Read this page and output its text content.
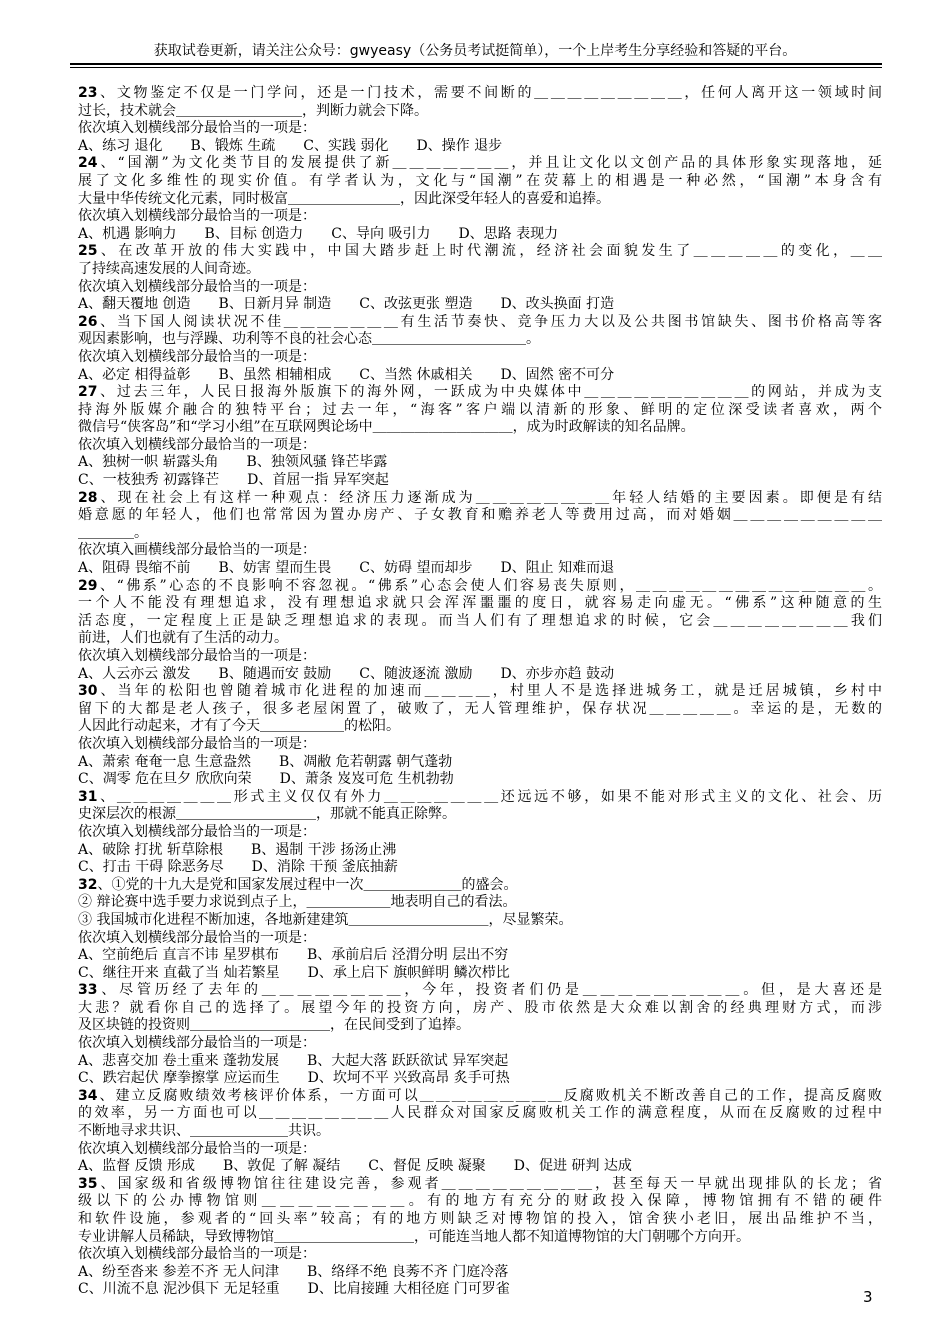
获取试卷更新，请关注公众号：gwyeasy（公务员考试挺简单），一个上岸考生分享经验和答疑的平台。
23、文物鉴定不仅是一门学问，还是一门技术，需要不间断的＿＿＿＿＿＿＿＿＿，任何人离开这一领域时间
过长，技术就会＿＿＿＿＿＿＿＿＿，判断力就会下降。
依次填入划横线部分最恰当的一项是：
A、练习 退化　　B、锻炼 生疏　　C、实践 弱化　　D、操作 退步
24、“国潮”为文化类节目的发展提供了新＿＿＿＿＿＿＿，并且让文化以文创产品的具体形象实现落地，延
展了文化多维性的现实价值。有学者认为，文化与“国潮”在荧幕上的相遇是一种必然，“国潮”本身含有
大量中华传统文化元素，同时极富＿＿＿＿＿＿＿＿，因此深受年轻人的喜爱和追捧。
依次填入划横线部分最恰当的一项是：
A、机遇 影响力　　B、目标 创造力　　C、导向 吸引力　　D、思路 表现力
25、在改革开放的伟大实践中，中国大踏步赶上时代潮流，经济社会面貌发生了＿＿＿＿＿的变化，＿＿
了持续高速发展的人间奇迹。
依次填入划横线部分最恰当的一项是：
A、翻天覆地 创造　　B、日新月异 制造　　C、改弦更张 塑造　　D、改头换面 打造
26、当下国人阅读状况不佳＿＿＿＿＿＿＿有生活节奏快、竞争压力大以及公共图书馆缺失、图书价格高等客
观因素影响，也与浮躁、功利等不良的社会心态＿＿＿＿＿＿＿＿＿＿＿。
依次填入划横线部分最恰当的一项是：
A、必定 相得益彰　　B、虽然 相辅相成　　C、当然 休戚相关　　D、固然 密不可分
27、过去三年，人民日报海外版旗下的海外网，一跃成为中央媒体中＿＿＿＿＿＿＿＿＿＿的网站，并成为支
持海外版媒介融合的独特平台；过去一年，“海客”客户端以清新的形象、鲜明的定位深受读者喜欢，两个
微信号“侠客岛”和“学习小组”在互联网舆论场中＿＿＿＿＿＿＿＿＿＿，成为时政解读的知名品牌。
依次填入划横线部分最恰当的一项是：
A、独树一帜 崭露头角　　B、独领风骚 锋芒毕露
C、一枝独秀 初露锋芒　　D、首屈一指 异军突起
28、现在社会上有这样一种观点：经济压力逐渐成为＿＿＿＿＿＿＿＿年轻人结婚的主要因素。即便是有结
婚意愿的年轻人，他们也常常因为置办房产、子女教育和赡养老人等费用过高，而对婚姻＿＿＿＿＿＿＿＿＿
＿＿＿＿。
依次填入画横线部分最恰当的一项是：
A、阻碍 畏缩不前　　B、妨害 望而生畏　　C、妨碍 望而却步　　D、阻止 知难而退
29、“佛系”心态的不良影响不容忽视。“佛系”心态会使人们容易丧失原则，＿＿＿＿＿＿＿＿＿＿＿＿＿＿。
一个人不能没有理想追求，没有理想追求就只会浑浑噩噩的度日，就容易走向虚无。“佛系”这种随意的生
活态度，一定程度上正是缺乏理想追求的表现。而当人们有了理想追求的时候，它会＿＿＿＿＿＿＿＿我们
前进，人们也就有了生活的动力。
依次填入划横线部分最恰当的一项是：
A、人云亦云 激发　　B、随遇而安 鼓励　　C、随波逐流 激励　　D、亦步亦趋 鼓动
30、当年的松阳也曾随着城市化进程的加速而＿＿＿＿，村里人不是选择进城务工，就是迁居城镇，乡村中
留下的大都是老人孩子，很多老屋闲置了，破败了，无人管理维护，保存状况＿＿＿＿＿。幸运的是，无数的
人因此行动起来，才有了今天＿＿＿＿＿＿的松阳。
依次填入划横线部分最恰当的一项是：
A、萧索 奄奄一息 生意盎然　　B、凋敝 危若朝露 朝气蓬勃
C、凋零 危在旦夕 欣欣向荣　　D、萧条 岌岌可危 生机勃勃
31、＿＿＿＿＿＿＿形式主义仅仅有外力＿＿＿＿＿＿＿还远远不够，如果不能对形式主义的文化、社会、历
史深层次的根源＿＿＿＿＿＿＿＿＿＿，那就不能真正除弊。
依次填入划横线部分最恰当的一项是：
A、破除 打扰 斩草除根　　B、遏制 干涉 扬汤止沸
C、打击 干碍 除恶务尽　　D、消除 干预 釜底抽薪
32、①党的十九大是党和国家发展过程中一次＿＿＿＿＿＿＿的盛会。
② 辩论赛中选手要力求说到点子上，＿＿＿＿＿＿地表明自己的看法。
③ 我国城市化进程不断加速，各地新建建筑＿＿＿＿＿＿＿＿＿＿，尽显繁荣。
依次填入划横线部分最恰当的一项是：
A、空前绝后 直言不讳 星罗棋布　　B、承前启后 泾渭分明 层出不穷
C、继往开来 直截了当 灿若繁星　　D、承上启下 旗帜鲜明 鳞次栉比
33、尽管历经了去年的＿＿＿＿＿＿＿＿，今年，投资者们仍是＿＿＿＿＿＿＿＿＿。但，是大喜还是
大悲？就看你自己的选择了。展望今年的投资方向，房产、股市依然是大众难以割舍的经典理财方式，而涉
及区块链的投资则＿＿＿＿＿＿＿＿＿＿，在民间受到了追捧。
依次填入划横线部分最恰当的一项是：
A、悲喜交加 卷土重来 蓬勃发展　　B、大起大落 跃跃欲试 异军突起
C、跌宕起伏 摩拳擦掌 应运而生　　D、坎坷不平 兴致高昂 炙手可热
34、建立反腐败绩效考核评价体系，一方面可以＿＿＿＿＿＿＿＿＿反腐败机关不断改善自己的工作，提高反腐败
的效率，另一方面也可以＿＿＿＿＿＿＿＿人民群众对国家反腐败机关工作的满意程度，从而在反腐败的过程中
不断地寻求共识、＿＿＿＿＿＿＿共识。
依次填入划横线部分最恰当的一项是：
A、监督 反馈 形成　　B、敦促 了解 凝结　　C、督促 反映 凝聚　　D、促进 研判 达成
35、国家级和省级博物馆往往建设完善，参观者＿＿＿＿＿＿＿＿＿，甚至每天一早就出现排队的长龙；省
级以下的公办博物馆则＿＿＿＿＿＿＿＿。有的地方有充分的财政投入保障，博物馆拥有不错的硬件
和软件设施，参观者的“回头率”较高；有的地方则缺乏对博物馆的投入，馆舍狭小老旧，展出品维护不当，
专业讲解人员稀缺，导致博物馆＿＿＿＿＿＿＿＿＿＿，可能连当地人都不知道博物馆的大门朝哪个方向开。
依次填入划横线部分最恰当的一项是：
A、纷至沓来 参差不齐 无人问津　　B、络绎不绝 良莠不齐 门庭冷落
C、川流不息 泥沙俱下 无足轻重　　D、比肩接踵 大相径庭 门可罗雀	3
